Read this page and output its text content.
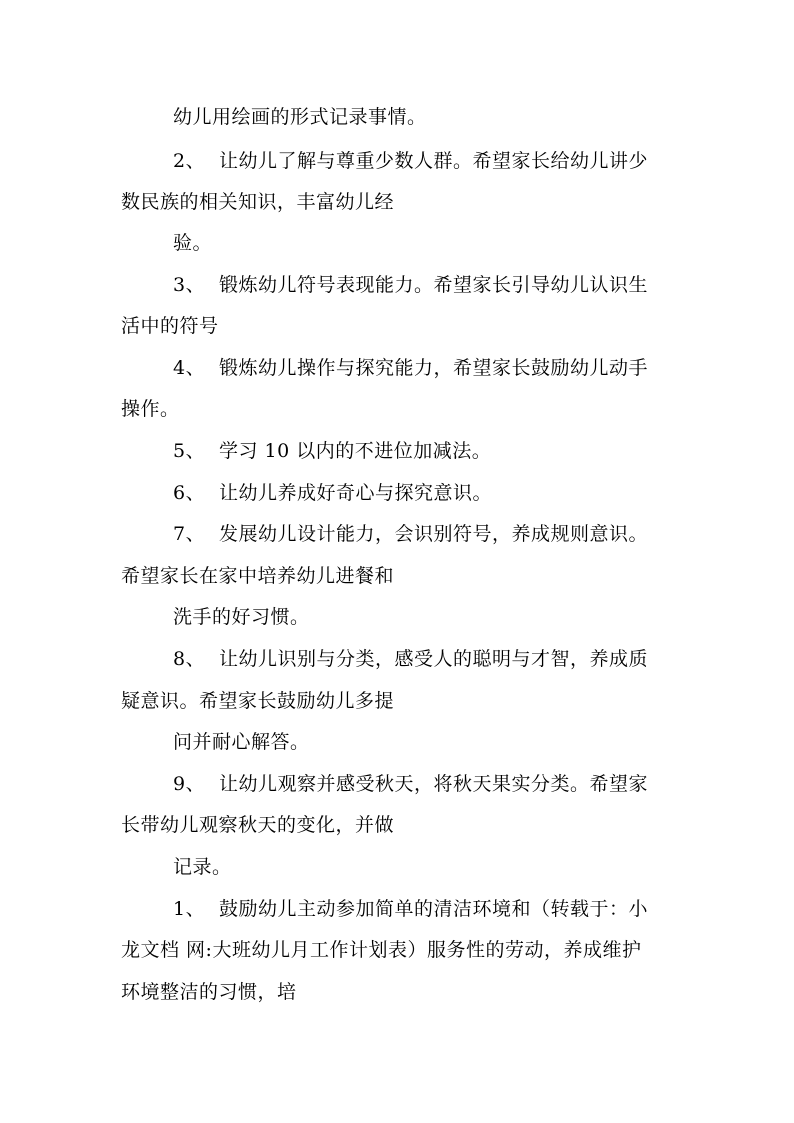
幼儿用绘画的形式记录事情。
2、 让幼儿了解与尊重少数人群。希望家长给幼儿讲少
数民族的相关知识，丰富幼儿经
验。
3、 锻炼幼儿符号表现能力。希望家长引导幼儿认识生
活中的符号
4、 锻炼幼儿操作与探究能力，希望家长鼓励幼儿动手
操作。
5、 学习 10 以内的不进位加减法。
6、 让幼儿养成好奇心与探究意识。
7、 发展幼儿设计能力，会识别符号，养成规则意识。
希望家长在家中培养幼儿进餐和
洗手的好习惯。
8、 让幼儿识别与分类，感受人的聪明与才智，养成质
疑意识。希望家长鼓励幼儿多提
问并耐心解答。
9、 让幼儿观察并感受秋天，将秋天果实分类。希望家
长带幼儿观察秋天的变化，并做
记录。
1、 鼓励幼儿主动参加简单的清洁环境和（转载于：小
龙文档 网:大班幼儿月工作计划表）服务性的劳动，养成维护
环境整洁的习惯，培
